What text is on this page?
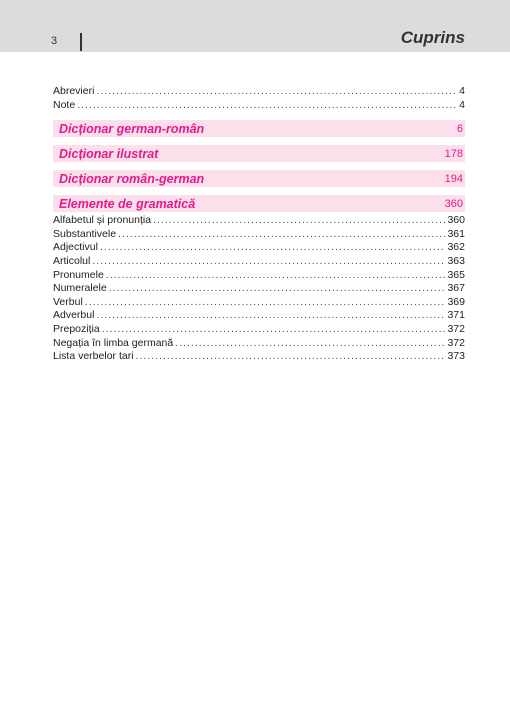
3	Cuprins
Abrevieri .....	4
Note .....	4
Dicționar german-român	6
Dicționar ilustrat	178
Dicționar român-german	194
Elemente de gramatică	360
Alfabetul și pronunția .....	360
Substantivele .....	361
Adjectivul .....	362
Articolul .....	363
Pronumele .....	365
Numeralele .....	367
Verbul .....	369
Adverbul .....	371
Prepoziția .....	372
Negația în limba germană .....	372
Lista verbelor tari .....	373
